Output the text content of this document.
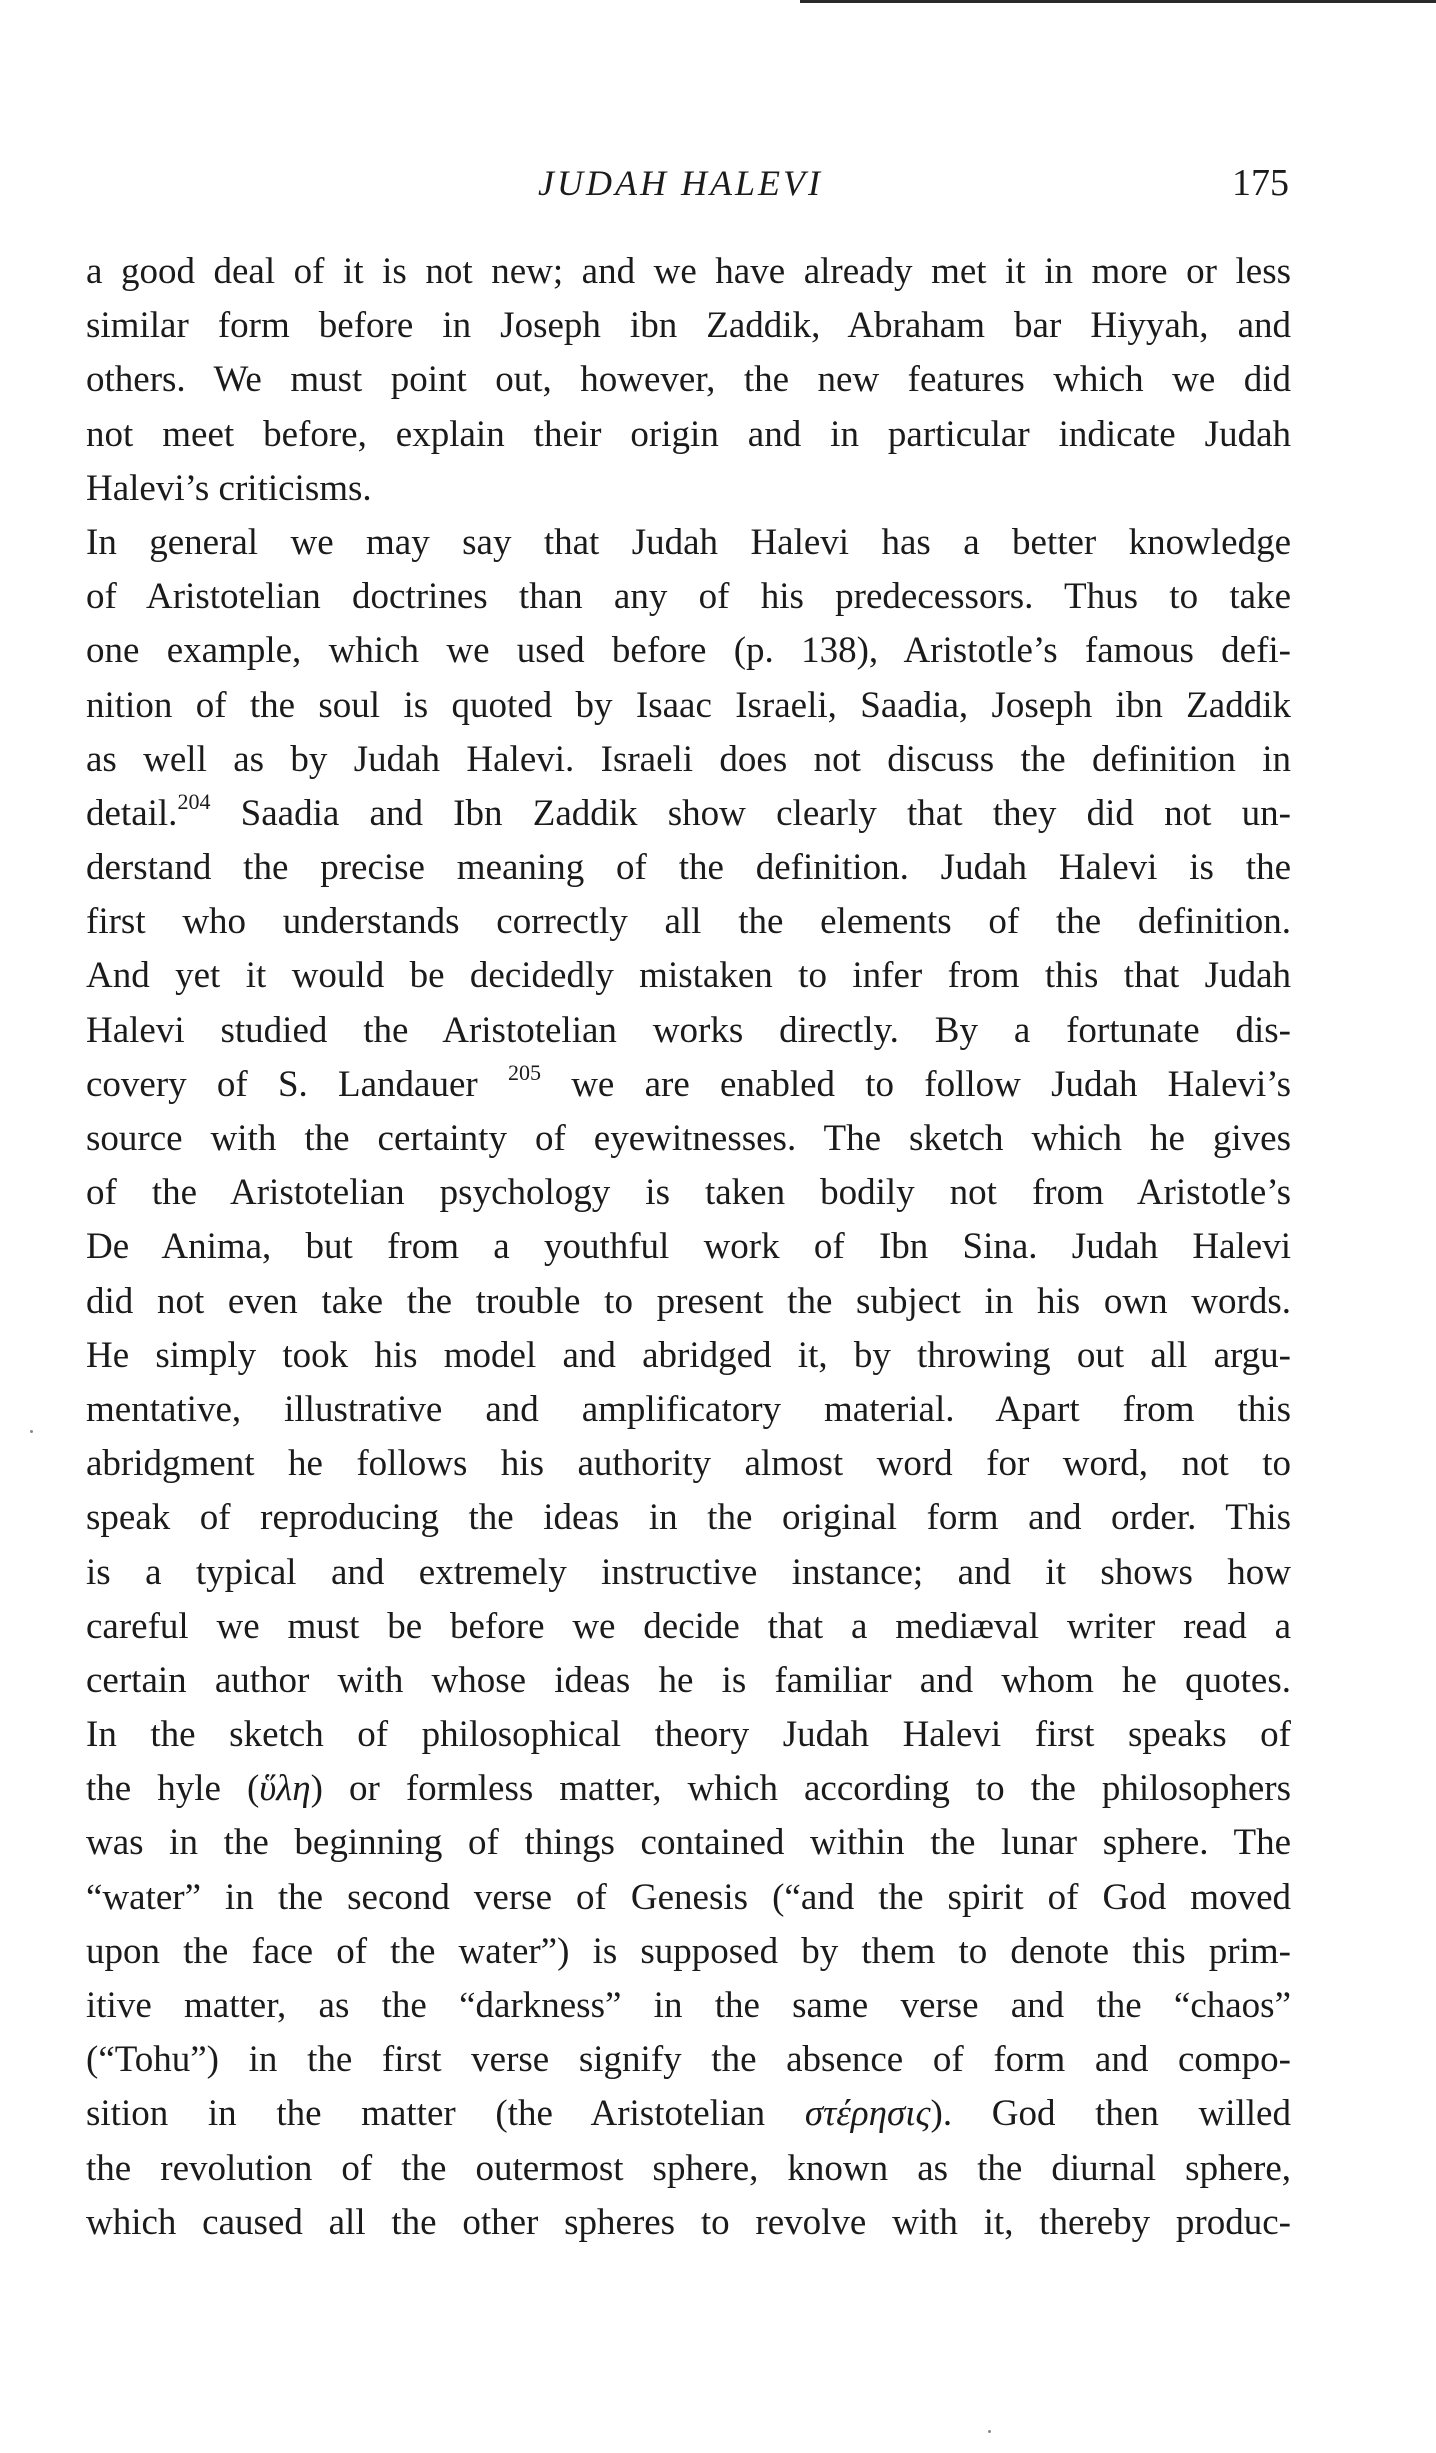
JUDAH HALEVI	175
a good deal of it is not new; and we have already met it in more or less
similar form before in Joseph ibn Zaddik, Abraham bar Hiyyah, and
others. We must point out, however, the new features which we did
not meet before, explain their origin and in particular indicate Judah
Halevi’s criticisms.
In general we may say that Judah Halevi has a better knowledge
of Aristotelian doctrines than any of his predecessors. Thus to take
one example, which we used before (p. 138), Aristotle’s famous defi-
nition of the soul is quoted by Isaac Israeli, Saadia, Joseph ibn Zaddik
as well as by Judah Halevi. Israeli does not discuss the definition in
detail.$^{204}$ Saadia and Ibn Zaddik show clearly that they did not un-
derstand the precise meaning of the definition. Judah Halevi is the
first who understands correctly all the elements of the definition.
And yet it would be decidedly mistaken to infer from this that Judah
Halevi studied the Aristotelian works directly. By a fortunate dis-
covery of S. Landauer $^{205}$ we are enabled to follow Judah Halevi’s
source with the certainty of eyewitnesses. The sketch which he gives
of the Aristotelian psychology is taken bodily not from Aristotle’s
De Anima, but from a youthful work of Ibn Sina. Judah Halevi
did not even take the trouble to present the subject in his own words.
He simply took his model and abridged it, by throwing out all argu-
mentative, illustrative and amplificatory material. Apart from this
abridgment he follows his authority almost word for word, not to
speak of reproducing the ideas in the original form and order. This
is a typical and extremely instructive instance; and it shows how
careful we must be before we decide that a mediæval writer read a
certain author with whose ideas he is familiar and whom he quotes.
In the sketch of philosophical theory Judah Halevi first speaks of
the hyle (ὕλη) or formless matter, which according to the philosophers
was in the beginning of things contained within the lunar sphere. The
“water” in the second verse of Genesis (“and the spirit of God moved
upon the face of the water”) is supposed by them to denote this prim-
itive matter, as the “darkness” in the same verse and the “chaos”
(“Tohu”) in the first verse signify the absence of form and compo-
sition in the matter (the Aristotelian στέρησις). God then willed
the revolution of the outermost sphere, known as the diurnal sphere,
which caused all the other spheres to revolve with it, thereby produc-
